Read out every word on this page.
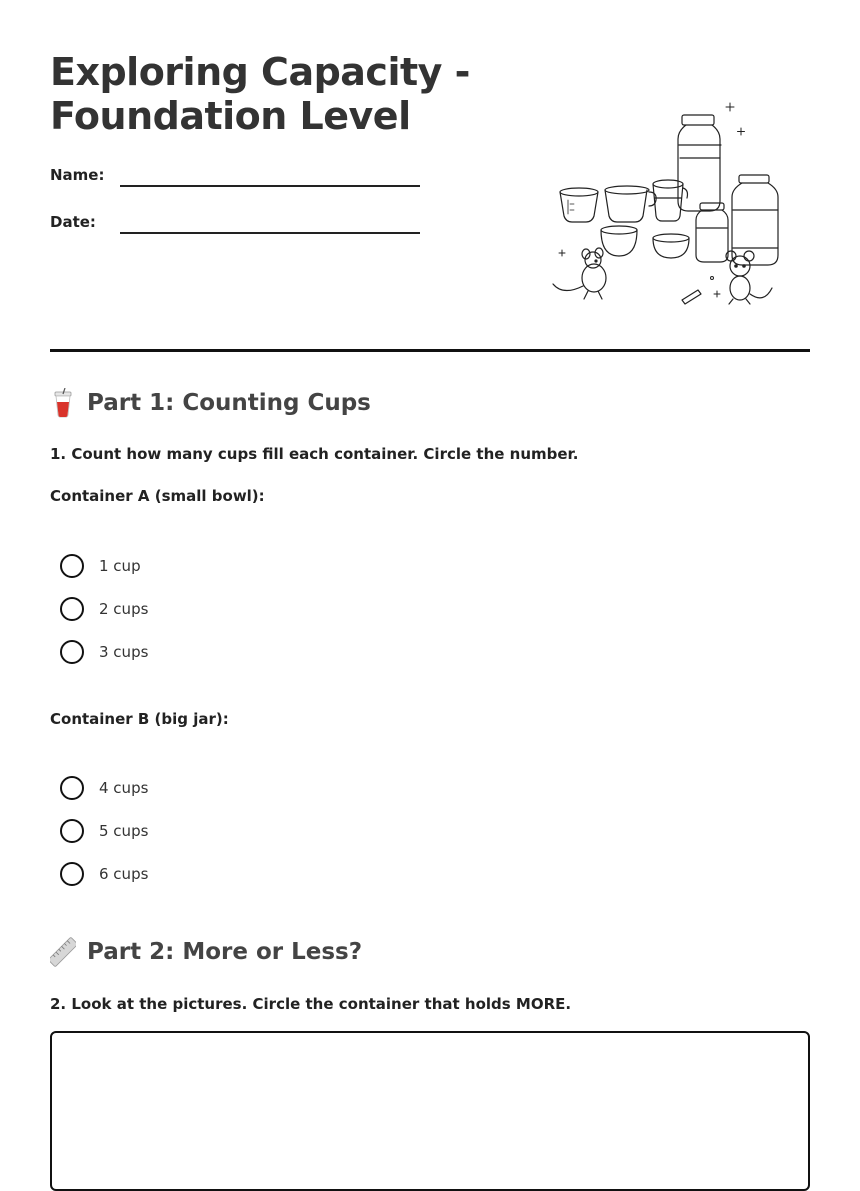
Exploring Capacity -
Foundation Level
Name:
Date:
Part 1: Counting Cups
1. Count how many cups fill each container. Circle the number.
Container A (small bowl):
1 cup
2 cups
3 cups
Container B (big jar):
4 cups
5 cups
6 cups
Part 2: More or Less?
2. Look at the pictures. Circle the container that holds MORE.
